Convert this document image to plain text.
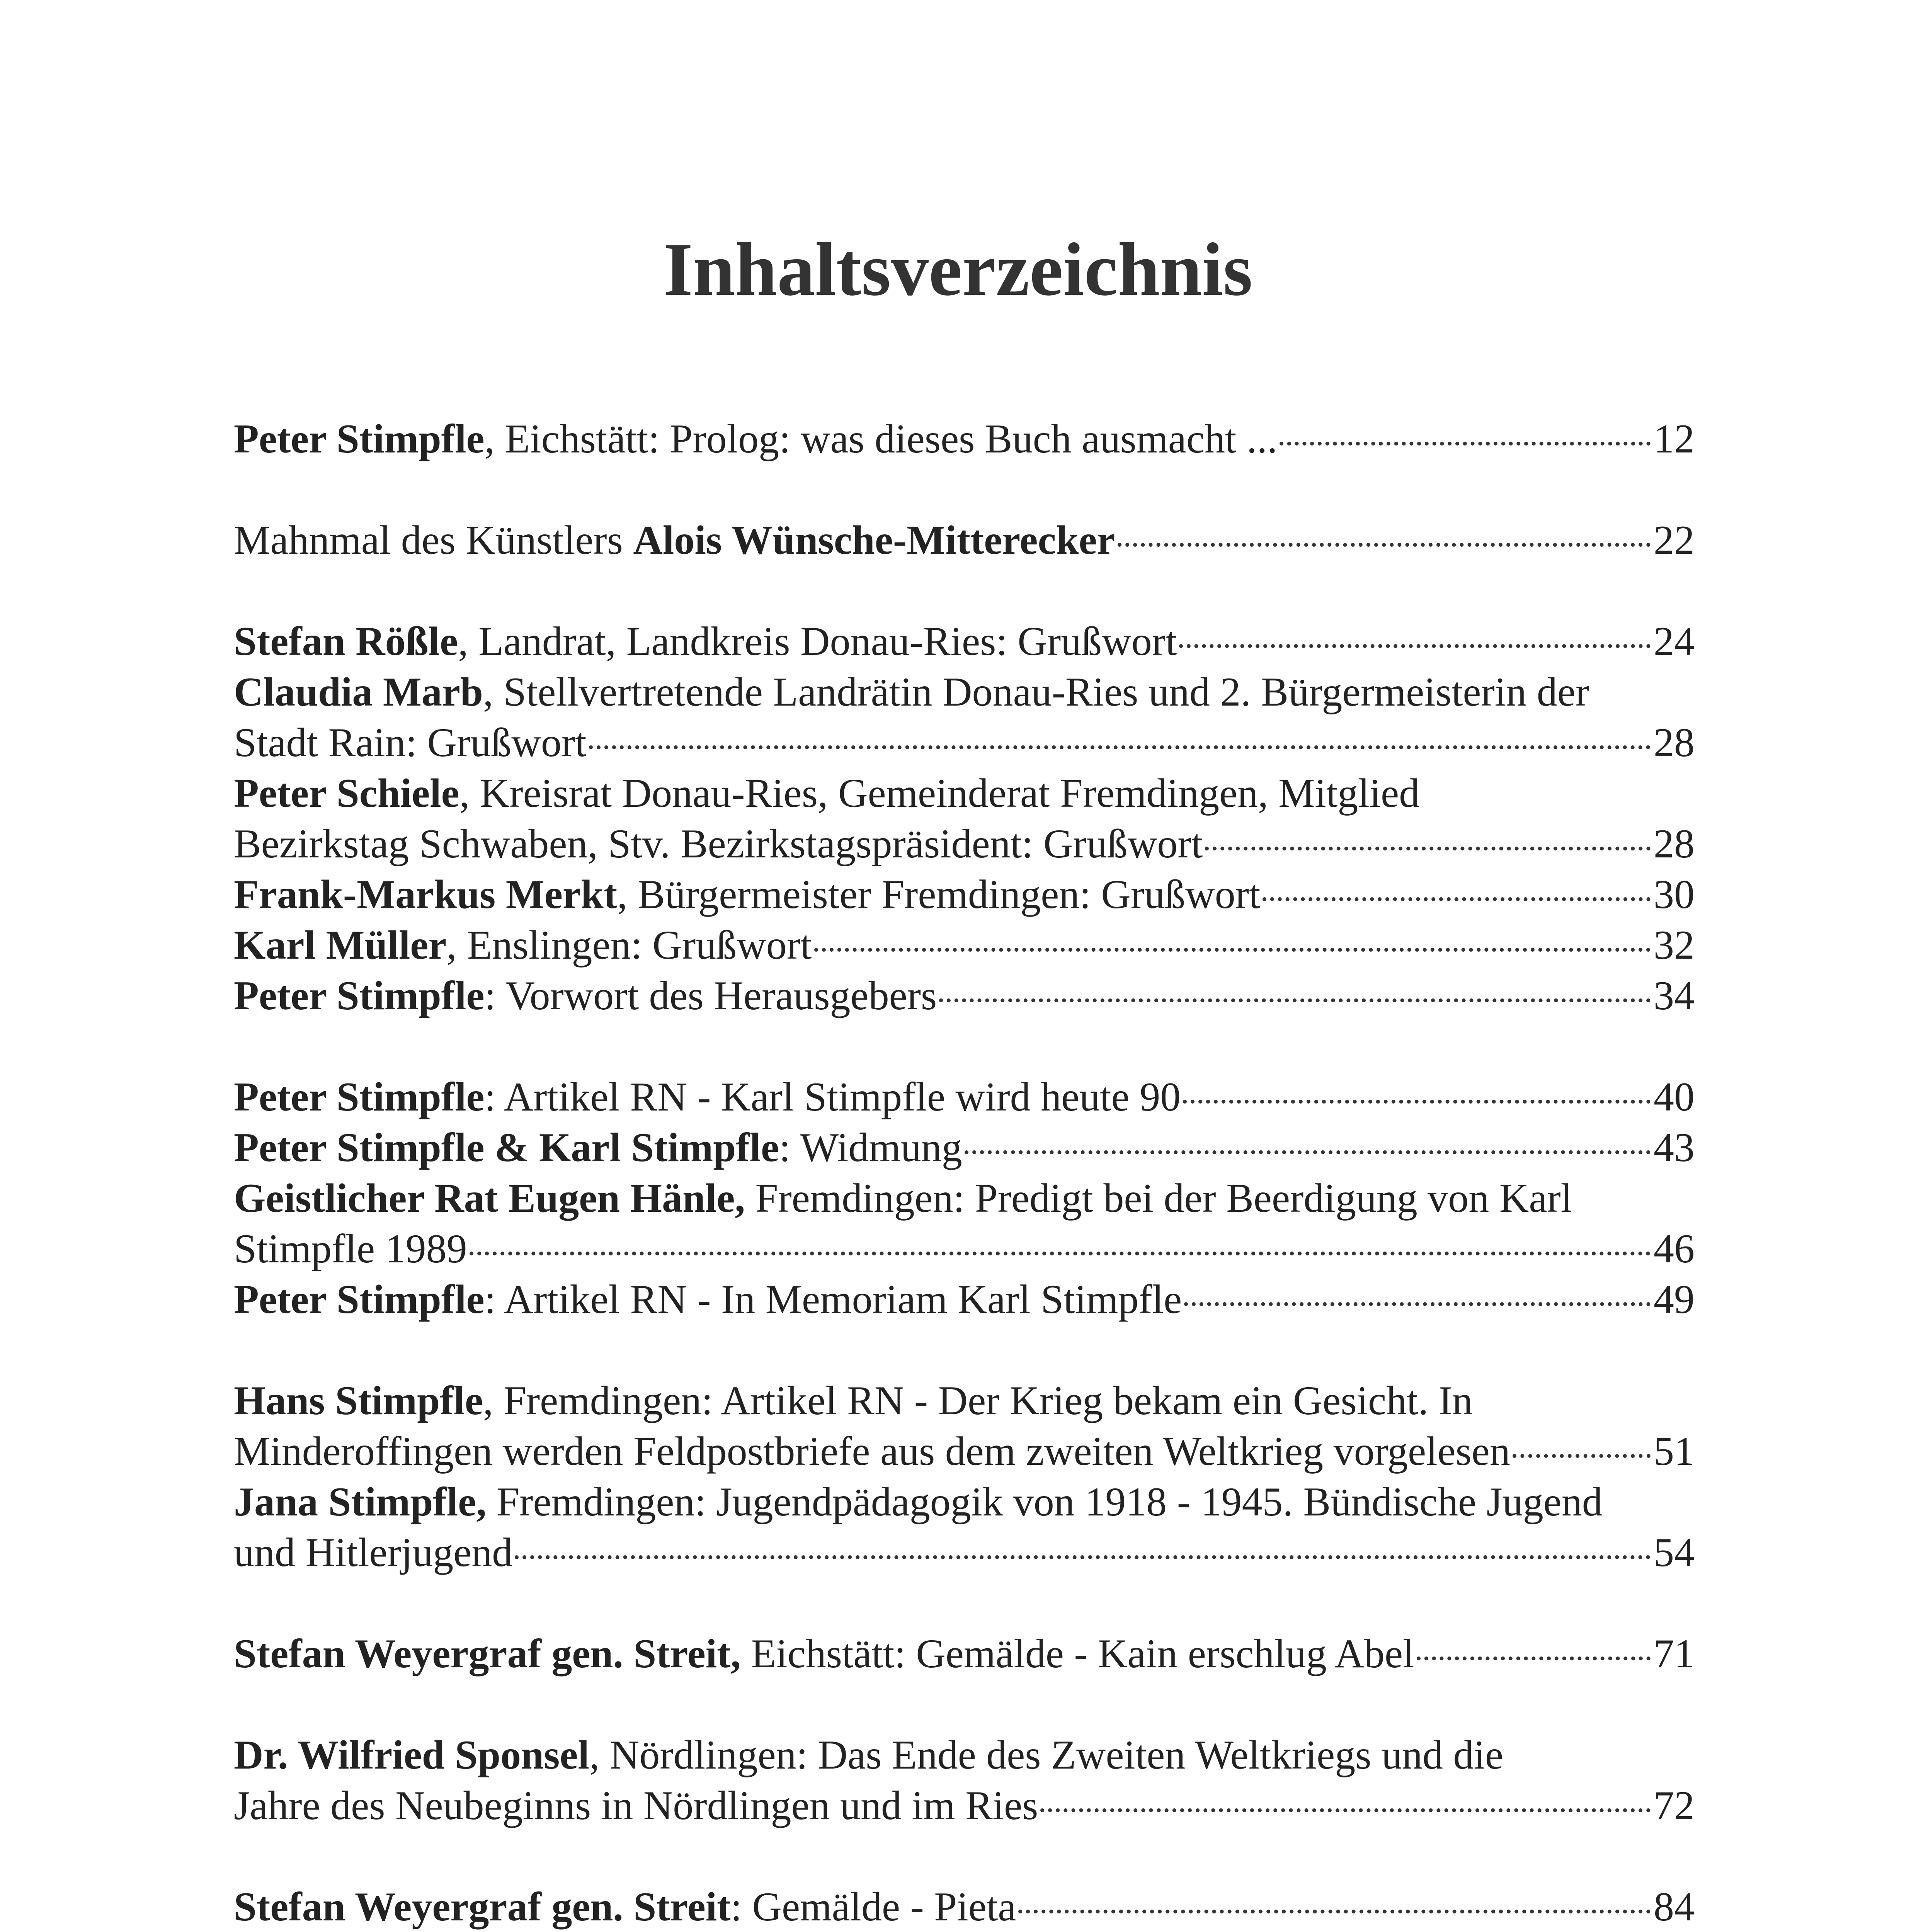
Inhaltsverzeichnis
Peter Stimpfle, Eichstätt: Prolog: was dieses Buch ausmacht ...	12
Mahnmal des Künstlers Alois Wünsche-Mitterecker	22
Stefan Rößle, Landrat, Landkreis Donau-Ries: Grußwort	24
Claudia Marb, Stellvertretende Landrätin Donau-Ries und 2. Bürgermeisterin der
Stadt Rain: Grußwort	28
Peter Schiele, Kreisrat Donau-Ries, Gemeinderat Fremdingen, Mitglied
Bezirkstag Schwaben, Stv. Bezirkstagspräsident: Grußwort	28
Frank-Markus Merkt, Bürgermeister Fremdingen: Grußwort	30
Karl Müller, Enslingen: Grußwort	32
Peter Stimpfle: Vorwort des Herausgebers	34
Peter Stimpfle: Artikel RN - Karl Stimpfle wird heute 90	40
Peter Stimpfle & Karl Stimpfle: Widmung	43
Geistlicher Rat Eugen Hänle, Fremdingen: Predigt bei der Beerdigung von Karl
Stimpfle 1989	46
Peter Stimpfle: Artikel RN - In Memoriam Karl Stimpfle	49
Hans Stimpfle, Fremdingen: Artikel RN - Der Krieg bekam ein Gesicht. In
Minderoffingen werden Feldpostbriefe aus dem zweiten Weltkrieg vorgelesen	51
Jana Stimpfle, Fremdingen: Jugendpädagogik von 1918 - 1945. Bündische Jugend
und Hitlerjugend	54
Stefan Weyergraf gen. Streit, Eichstätt: Gemälde - Kain erschlug Abel	71
Dr. Wilfried Sponsel, Nördlingen: Das Ende des Zweiten Weltkriegs und die
Jahre des Neubeginns in Nördlingen und im Ries	72
Stefan Weyergraf gen. Streit: Gemälde - Pieta	84
